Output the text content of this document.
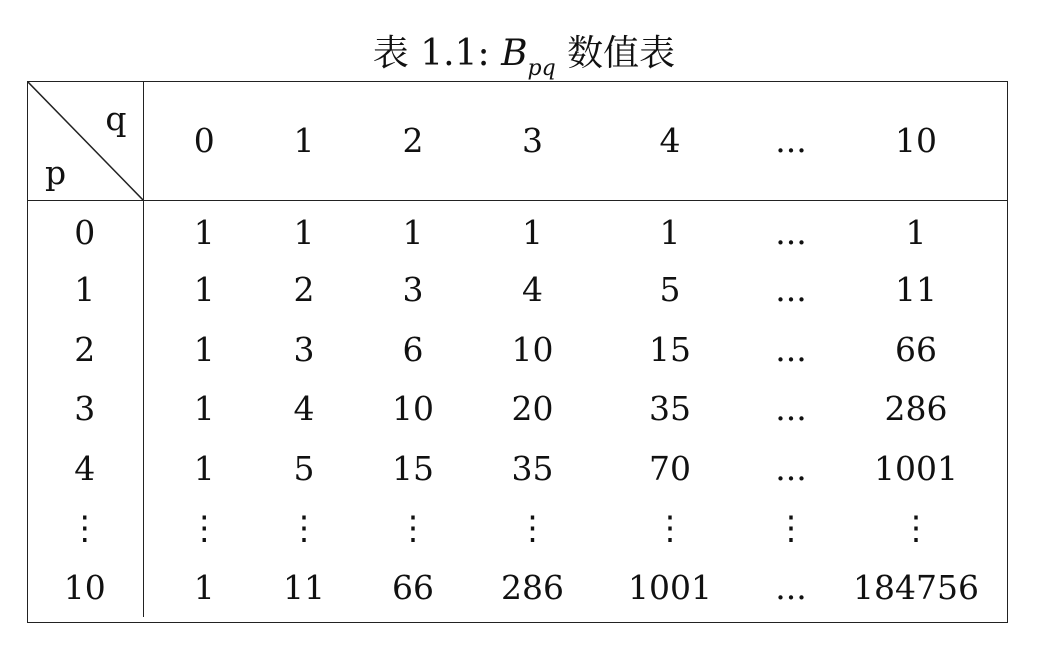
表 1.1: $B_{pq}$ 数值表
q
p	0	1	2	3	4	...	10
0	1	1	1	1	1	...	1
1	1	2	3	4	5	...	11
2	1	3	6	10	15	...	66
3	1	4	10	20	35	...	286
4	1	5	15	35	70	...	1001
⋮	⋮	⋮	⋮	⋮	⋮	⋮	⋮
10	1	11	66	286	1001	...	184756
